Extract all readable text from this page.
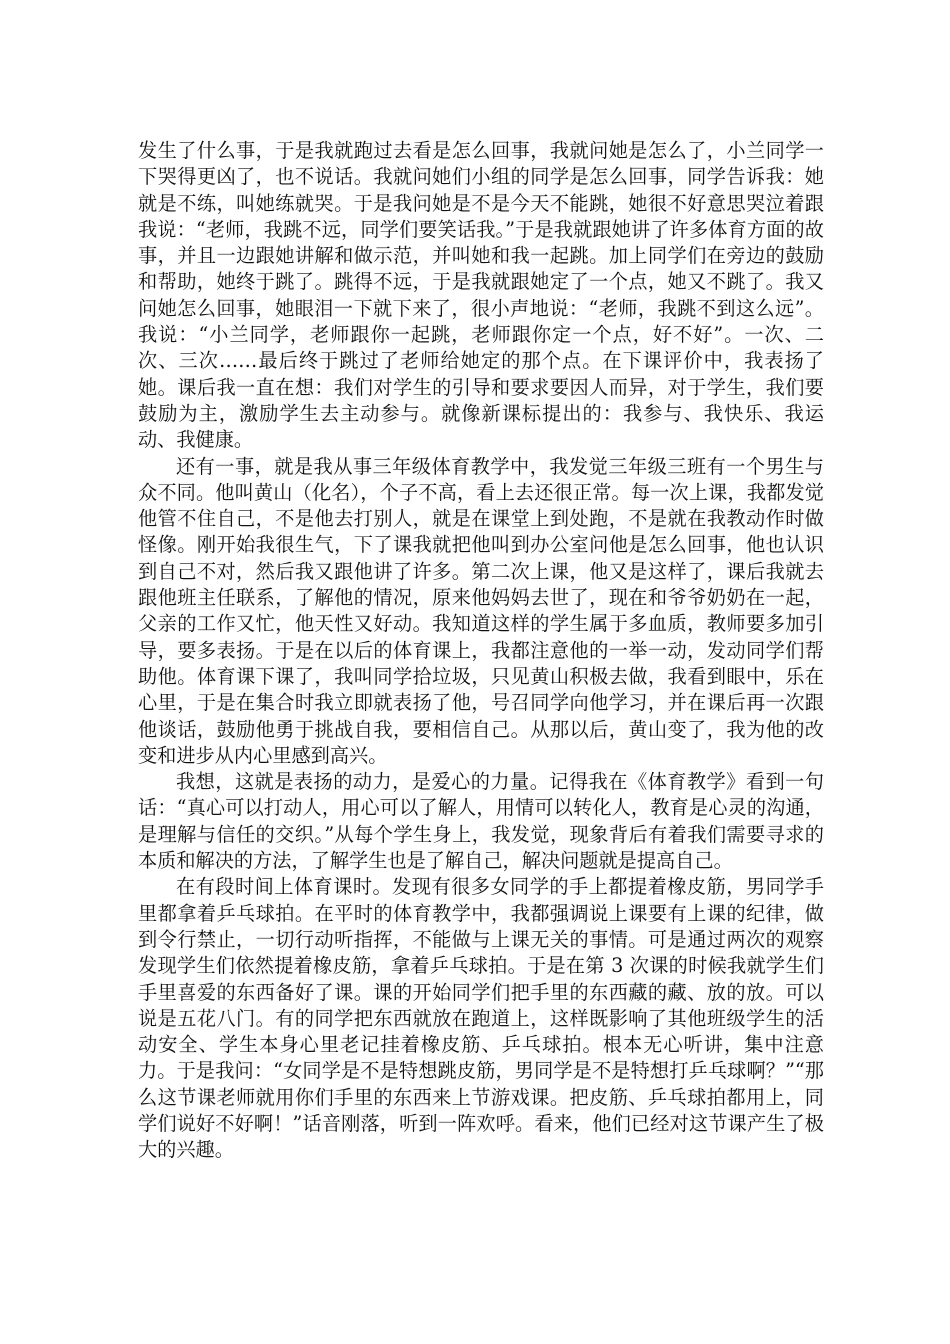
发生了什么事，于是我就跑过去看是怎么回事，我就问她是怎么了，小兰同学一下哭得更凶了，也不说话。我就问她们小组的同学是怎么回事，同学告诉我：她就是不练，叫她练就哭。于是我问她是不是今天不能跳，她很不好意思哭泣着跟我说：“老师，我跳不远，同学们要笑话我。”于是我就跟她讲了许多体育方面的故事，并且一边跟她讲解和做示范，并叫她和我一起跳。加上同学们在旁边的鼓励和帮助，她终于跳了。跳得不远，于是我就跟她定了一个点，她又不跳了。我又问她怎么回事，她眼泪一下就下来了，很小声地说：“老师，我跳不到这么远”。我说：“小兰同学，老师跟你一起跳，老师跟你定一个点，好不好”。一次、二次、三次……最后终于跳过了老师给她定的那个点。在下课评价中，我表扬了她。课后我一直在想：我们对学生的引导和要求要因人而异，对于学生，我们要鼓励为主，激励学生去主动参与。就像新课标提出的：我参与、我快乐、我运动、我健康。

还有一事，就是我从事三年级体育教学中，我发觉三年级三班有一个男生与众不同。他叫黄山（化名），个子不高，看上去还很正常。每一次上课，我都发觉他管不住自己，不是他去打别人，就是在课堂上到处跑，不是就在我教动作时做怪像。刚开始我很生气，下了课我就把他叫到办公室问他是怎么回事，他也认识到自己不对，然后我又跟他讲了许多。第二次上课，他又是这样了，课后我就去跟他班主任联系，了解他的情况，原来他妈妈去世了，现在和爷爷奶奶在一起，父亲的工作又忙，他天性又好动。我知道这样的学生属于多血质，教师要多加引导，要多表扬。于是在以后的体育课上，我都注意他的一举一动，发动同学们帮助他。体育课下课了，我叫同学拾垃圾，只见黄山积极去做，我看到眼中，乐在心里，于是在集合时我立即就表扬了他，号召同学向他学习，并在课后再一次跟他谈话，鼓励他勇于挑战自我，要相信自己。从那以后，黄山变了，我为他的改变和进步从内心里感到高兴。

我想，这就是表扬的动力，是爱心的力量。记得我在《体育教学》看到一句话：“真心可以打动人，用心可以了解人，用情可以转化人，教育是心灵的沟通，是理解与信任的交织。”从每个学生身上，我发觉，现象背后有着我们需要寻求的本质和解决的方法，了解学生也是了解自己，解决问题就是提高自己。

在有段时间上体育课时。发现有很多女同学的手上都提着橡皮筋，男同学手里都拿着乒乓球拍。在平时的体育教学中，我都强调说上课要有上课的纪律，做到令行禁止，一切行动听指挥，不能做与上课无关的事情。可是通过两次的观察发现学生们依然提着橡皮筋，拿着乒乓球拍。于是在第 3 次课的时候我就学生们手里喜爱的东西备好了课。课的开始同学们把手里的东西藏的藏、放的放。可以说是五花八门。有的同学把东西就放在跑道上，这样既影响了其他班级学生的活动安全、学生本身心里老记挂着橡皮筋、乒乓球拍。根本无心听讲，集中注意力。于是我问：“女同学是不是特想跳皮筋，男同学是不是特想打乒乓球啊？”“那么这节课老师就用你们手里的东西来上节游戏课。把皮筋、乒乓球拍都用上，同学们说好不好啊！”话音刚落，听到一阵欢呼。看来，他们已经对这节课产生了极大的兴趣。
